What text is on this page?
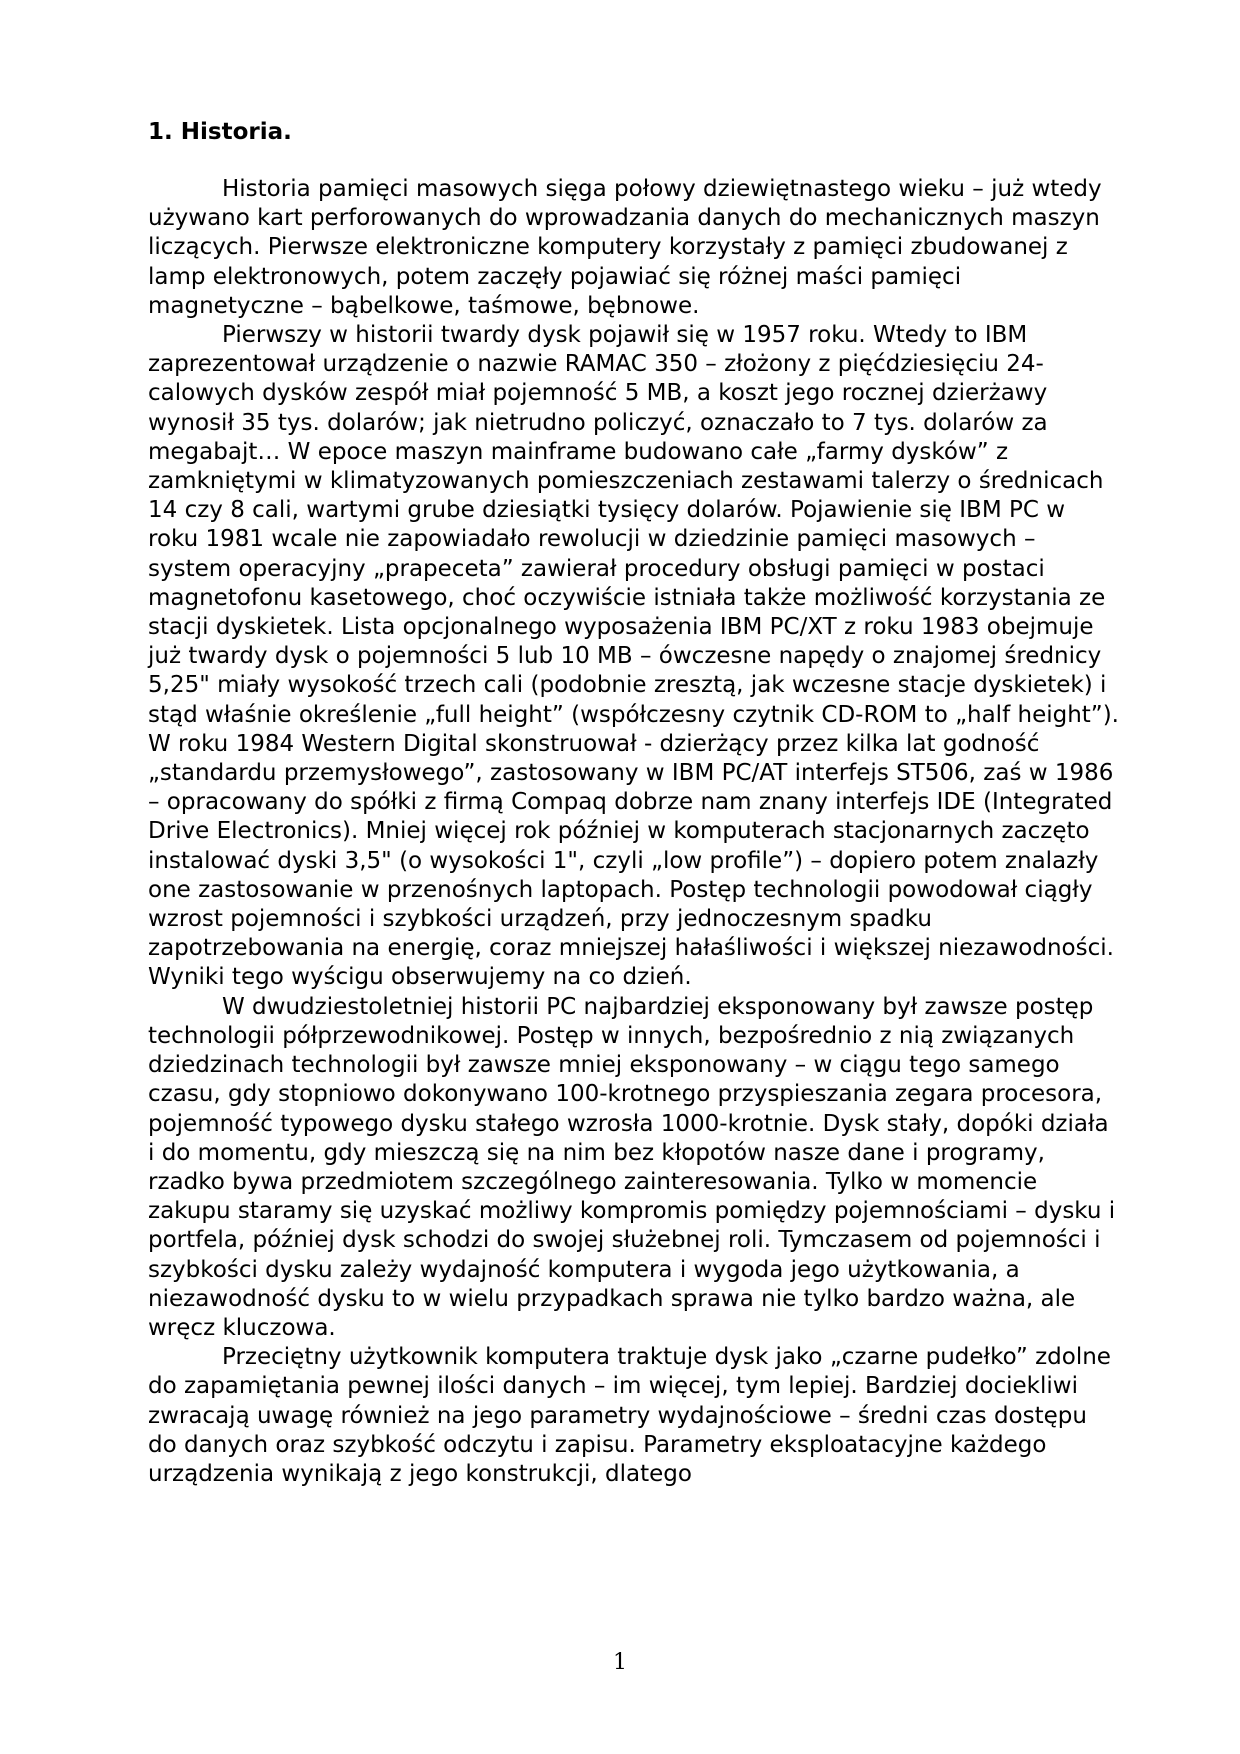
1. Historia.

Historia pamięci masowych sięga połowy dziewiętnastego wieku – już wtedy używano kart perforowanych do wprowadzania danych do mechanicznych maszyn liczących. Pierwsze elektroniczne komputery korzystały z pamięci zbudowanej z lamp elektronowych, potem zaczęły pojawiać się różnej maści pamięci magnetyczne – bąbelkowe, taśmowe, bębnowe.

Pierwszy w historii twardy dysk pojawił się w 1957 roku. Wtedy to IBM zaprezentował urządzenie o nazwie RAMAC 350 – złożony z pięćdziesięciu 24-calowych dysków zespół miał pojemność 5 MB, a koszt jego rocznej dzierżawy wynosił 35 tys. dolarów; jak nietrudno policzyć, oznaczało to 7 tys. dolarów za megabajt… W epoce maszyn mainframe budowano całe „farmy dysków” z zamkniętymi w klimatyzowanych pomieszczeniach zestawami talerzy o średnicach 14 czy 8 cali, wartymi grube dziesiątki tysięcy dolarów. Pojawienie się IBM PC w roku 1981 wcale nie zapowiadało rewolucji w dziedzinie pamięci masowych – system operacyjny „prapeceta” zawierał procedury obsługi pamięci w postaci magnetofonu kasetowego, choć oczywiście istniała także możliwość korzystania ze stacji dyskietek. Lista opcjonalnego wyposażenia IBM PC/XT z roku 1983 obejmuje już twardy dysk o pojemności 5 lub 10 MB – ówczesne napędy o znajomej średnicy 5,25" miały wysokość trzech cali (podobnie zresztą, jak wczesne stacje dyskietek) i stąd właśnie określenie „full height” (współczesny czytnik CD-ROM to „half height”). W roku 1984 Western Digital skonstruował - dzierżący przez kilka lat godność „standardu przemysłowego”, zastosowany w IBM PC/AT interfejs ST506, zaś w 1986 – opracowany do spółki z firmą Compaq dobrze nam znany interfejs IDE (Integrated Drive Electronics). Mniej więcej rok później w komputerach stacjonarnych zaczęto instalować dyski 3,5" (o wysokości 1", czyli „low profile”) – dopiero potem znalazły one zastosowanie w przenośnych laptopach. Postęp technologii powodował ciągły wzrost pojemności i szybkości urządzeń, przy jednoczesnym spadku zapotrzebowania na energię, coraz mniejszej hałaśliwości i większej niezawodności. Wyniki tego wyścigu obserwujemy na co dzień.

W dwudziestoletniej historii PC najbardziej eksponowany był zawsze postęp technologii półprzewodnikowej. Postęp w innych, bezpośrednio z nią związanych dziedzinach technologii był zawsze mniej eksponowany – w ciągu tego samego czasu, gdy stopniowo dokonywano 100-krotnego przyspieszania zegara procesora, pojemność typowego dysku stałego wzrosła 1000-krotnie. Dysk stały, dopóki działa i do momentu, gdy mieszczą się na nim bez kłopotów nasze dane i programy, rzadko bywa przedmiotem szczególnego zainteresowania. Tylko w momencie zakupu staramy się uzyskać możliwy kompromis pomiędzy pojemnościami – dysku i portfela, później dysk schodzi do swojej służebnej roli. Tymczasem od pojemności i szybkości dysku zależy wydajność komputera i wygoda jego użytkowania, a niezawodność dysku to w wielu przypadkach sprawa nie tylko bardzo ważna, ale wręcz kluczowa.

Przeciętny użytkownik komputera traktuje dysk jako „czarne pudełko” zdolne do zapamiętania pewnej ilości danych – im więcej, tym lepiej. Bardziej dociekliwi zwracają uwagę również na jego parametry wydajnościowe – średni czas dostępu do danych oraz szybkość odczytu i zapisu. Parametry eksploatacyjne każdego urządzenia wynikają z jego konstrukcji, dlatego

1
